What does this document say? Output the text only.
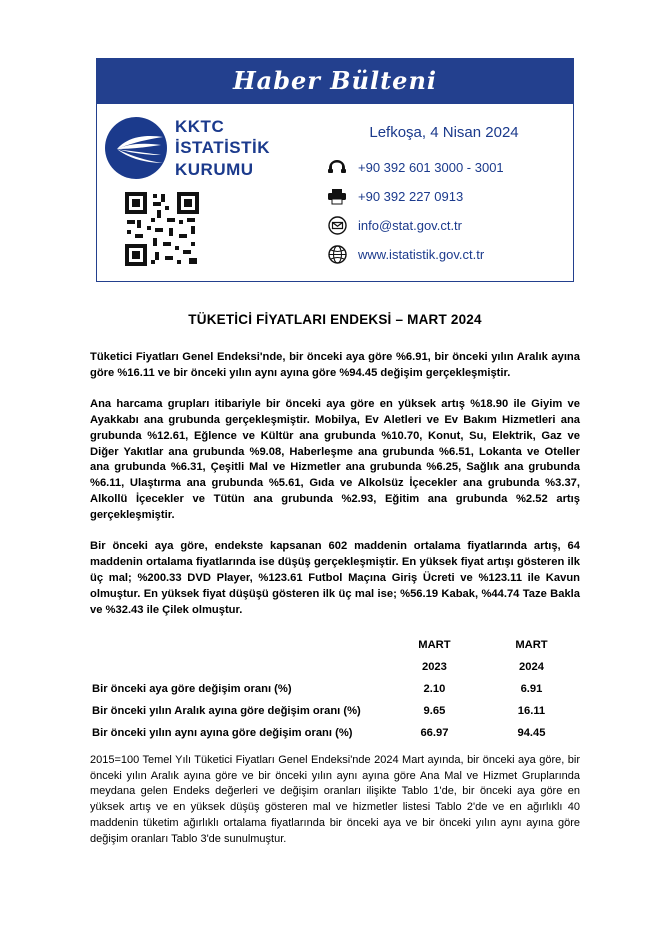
Haber Bülteni
KKTC
İSTATİSTİK
KURUMU
Lefkoşa, 4 Nisan 2024
+90 392 601 3000 - 3001
+90 392 227 0913
info@stat.gov.ct.tr
www.istatistik.gov.ct.tr
TÜKETİCİ FİYATLARI ENDEKSİ – MART 2024

Tüketici Fiyatları Genel Endeksi'nde, bir önceki aya göre %6.91, bir önceki yılın Aralık ayına göre %16.11 ve bir önceki yılın aynı ayına göre %94.45 değişim gerçekleşmiştir.

Ana harcama grupları itibariyle bir önceki aya göre en yüksek artış %18.90 ile Giyim ve Ayakkabı ana grubunda gerçekleşmiştir. Mobilya, Ev Aletleri ve Ev Bakım Hizmetleri ana grubunda %12.61, Eğlence ve Kültür ana grubunda %10.70, Konut, Su, Elektrik, Gaz ve Diğer Yakıtlar ana grubunda %9.08, Haberleşme ana grubunda %6.51, Lokanta ve Oteller ana grubunda %6.31, Çeşitli Mal ve Hizmetler ana grubunda %6.25, Sağlık ana grubunda %6.11, Ulaştırma ana grubunda %5.61, Gıda ve Alkolsüz İçecekler ana grubunda %3.37, Alkollü İçecekler ve Tütün ana grubunda %2.93, Eğitim ana grubunda %2.52 artış gerçekleşmiştir.

Bir önceki aya göre, endekste kapsanan 602 maddenin ortalama fiyatlarında artış, 64 maddenin ortalama fiyatlarında ise düşüş gerçekleşmiştir. En yüksek fiyat artışı gösteren ilk üç mal; %200.33 DVD Player, %123.61 Futbol Maçına Giriş Ücreti ve %123.11 ile Kavun olmuştur. En yüksek fiyat düşüşü gösteren ilk üç mal ise; %56.19 Kabak, %44.74 Taze Bakla ve %32.43 ile Çilek olmuştur.

	MART	MART
	2023	2024
Bir önceki aya göre değişim oranı (%)	2.10	6.91
Bir önceki yılın Aralık ayına göre değişim oranı (%)	9.65	16.11
Bir önceki yılın aynı ayına göre değişim oranı (%)	66.97	94.45

2015=100 Temel Yılı Tüketici Fiyatları Genel Endeksi'nde 2024 Mart ayında, bir önceki aya göre, bir önceki yılın Aralık ayına göre ve bir önceki yılın aynı ayına göre Ana Mal ve Hizmet Gruplarında meydana gelen Endeks değerleri ve değişim oranları ilişikte Tablo 1'de, bir önceki aya göre en yüksek artış ve en yüksek düşüş gösteren mal ve hizmetler listesi Tablo 2'de ve en ağırlıklı 40 maddenin tüketim ağırlıklı ortalama fiyatlarında bir önceki aya ve bir önceki yılın aynı ayına göre değişim oranları Tablo 3'de sunulmuştur.
